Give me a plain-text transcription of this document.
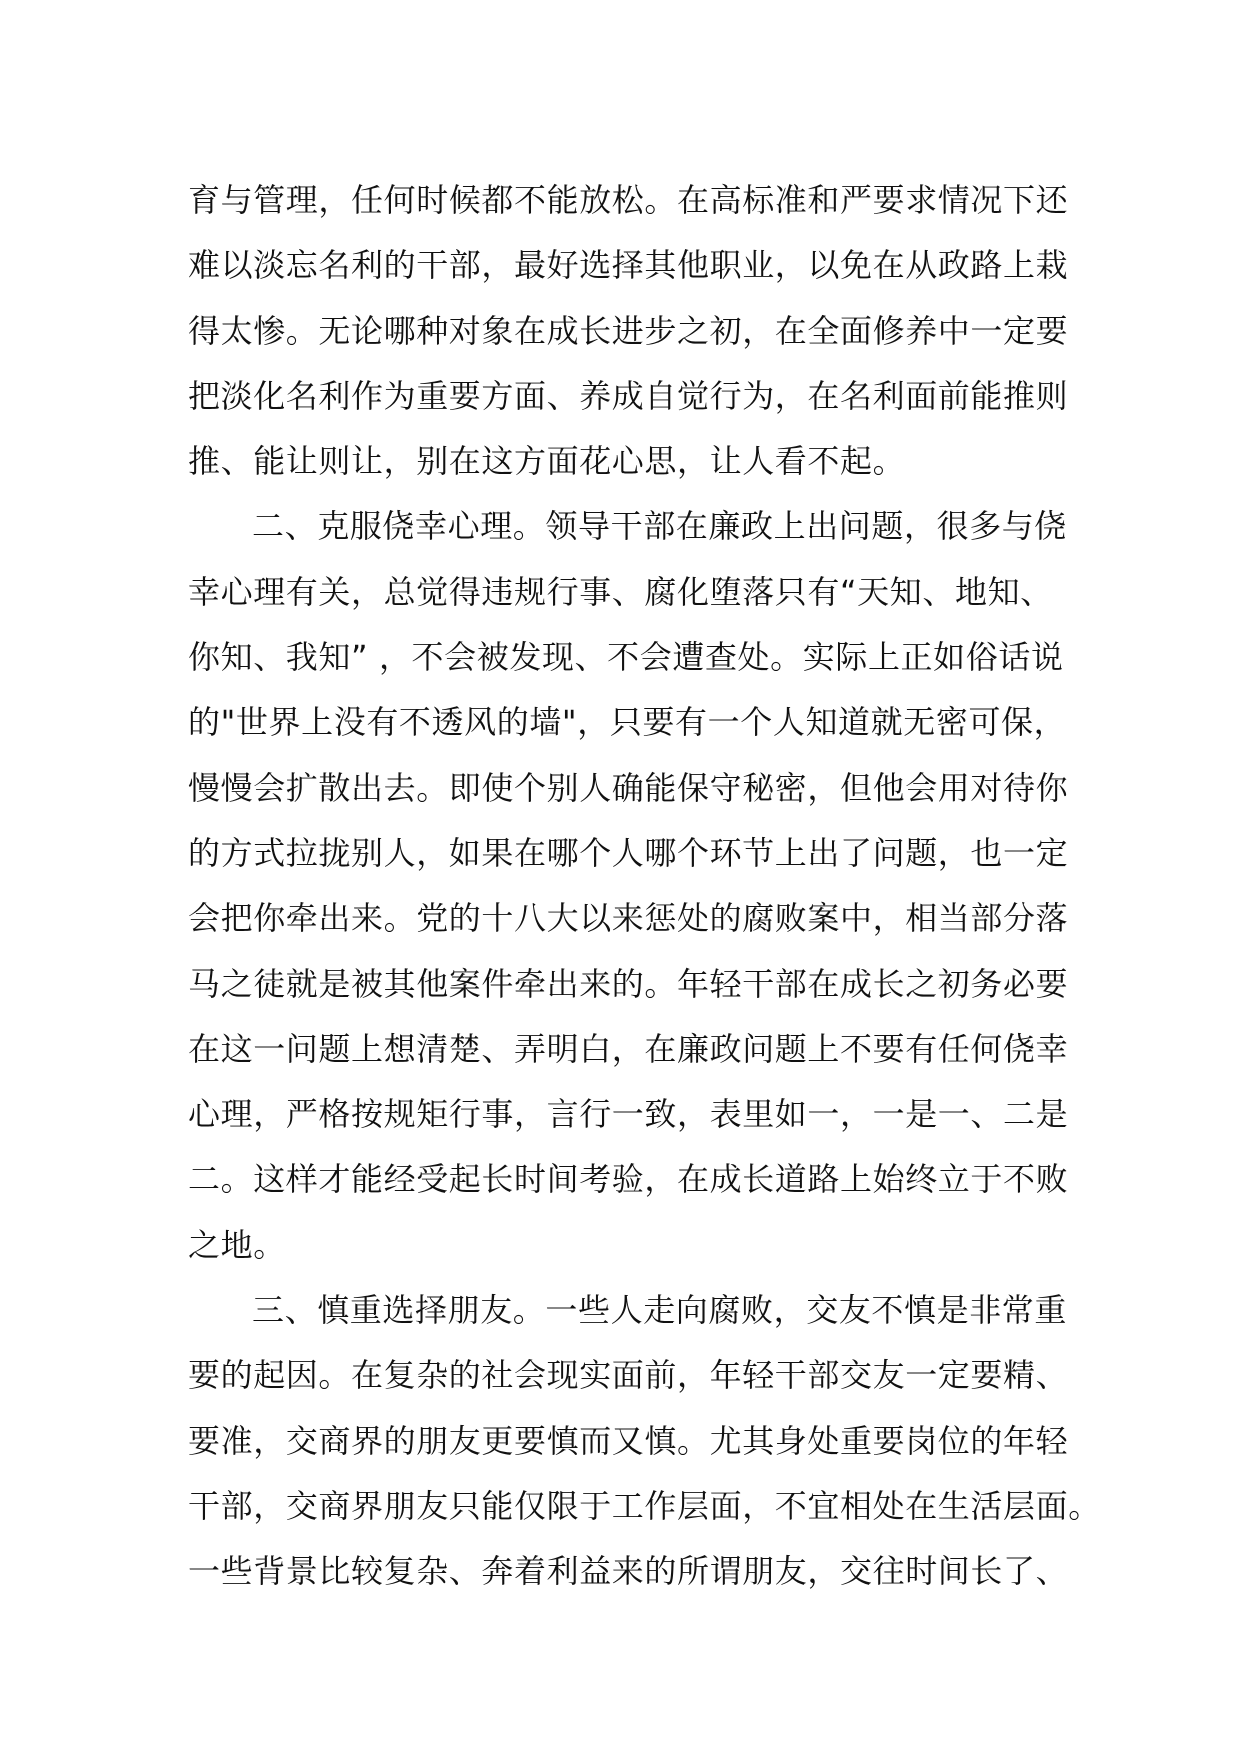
育与管理，任何时候都不能放松。在高标准和严要求情况下还
难以淡忘名利的干部，最好选择其他职业，以免在从政路上栽
得太惨。无论哪种对象在成长进步之初，在全面修养中一定要
把淡化名利作为重要方面、养成自觉行为，在名利面前能推则
推、能让则让，别在这方面花心思，让人看不起。
二、克服侥幸心理。领导干部在廉政上出问题，很多与侥
幸心理有关，总觉得违规行事、腐化堕落只有“天知、地知、
你知、我知” ，不会被发现、不会遭查处。实际上正如俗话说
的"世界上没有不透风的墙"，只要有一个人知道就无密可保，
慢慢会扩散出去。即使个别人确能保守秘密，但他会用对待你
的方式拉拢别人，如果在哪个人哪个环节上出了问题，也一定
会把你牵出来。党的十八大以来惩处的腐败案中，相当部分落
马之徒就是被其他案件牵出来的。年轻干部在成长之初务必要
在这一问题上想清楚、弄明白，在廉政问题上不要有任何侥幸
心理，严格按规矩行事，言行一致，表里如一，一是一、二是
二。这样才能经受起长时间考验，在成长道路上始终立于不败
之地。
三、慎重选择朋友。一些人走向腐败，交友不慎是非常重
要的起因。在复杂的社会现实面前，年轻干部交友一定要精、
要准，交商界的朋友更要慎而又慎。尤其身处重要岗位的年轻
干部，交商界朋友只能仅限于工作层面，不宜相处在生活层面。
一些背景比较复杂、奔着利益来的所谓朋友，交往时间长了、
